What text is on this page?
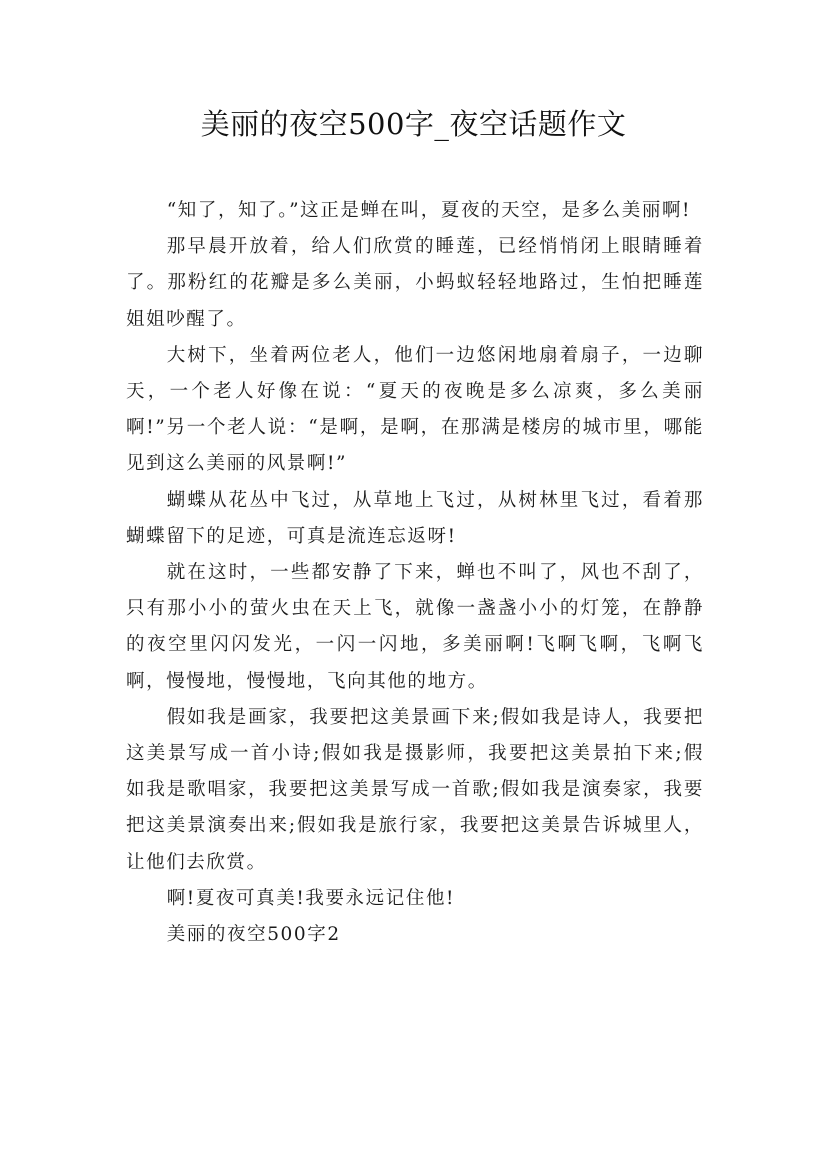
美丽的夜空500字_夜空话题作文

“知了，知了。”这正是蝉在叫，夏夜的天空，是多么美丽啊!

那早晨开放着，给人们欣赏的睡莲，已经悄悄闭上眼睛睡着了。那粉红的花瓣是多么美丽，小蚂蚁轻轻地路过，生怕把睡莲姐姐吵醒了。

大树下，坐着两位老人，他们一边悠闲地扇着扇子，一边聊天，一个老人好像在说：“夏天的夜晚是多么凉爽，多么美丽啊!”另一个老人说：“是啊，是啊，在那满是楼房的城市里，哪能见到这么美丽的风景啊!”

蝴蝶从花丛中飞过，从草地上飞过，从树林里飞过，看着那蝴蝶留下的足迹，可真是流连忘返呀!

就在这时，一些都安静了下来，蝉也不叫了，风也不刮了，只有那小小的萤火虫在天上飞，就像一盏盏小小的灯笼，在静静的夜空里闪闪发光，一闪一闪地，多美丽啊!飞啊飞啊，飞啊飞啊，慢慢地，慢慢地，飞向其他的地方。

假如我是画家，我要把这美景画下来;假如我是诗人，我要把这美景写成一首小诗;假如我是摄影师，我要把这美景拍下来;假如我是歌唱家，我要把这美景写成一首歌;假如我是演奏家，我要把这美景演奏出来;假如我是旅行家，我要把这美景告诉城里人，让他们去欣赏。

啊!夏夜可真美!我要永远记住他!

美丽的夜空500字2
